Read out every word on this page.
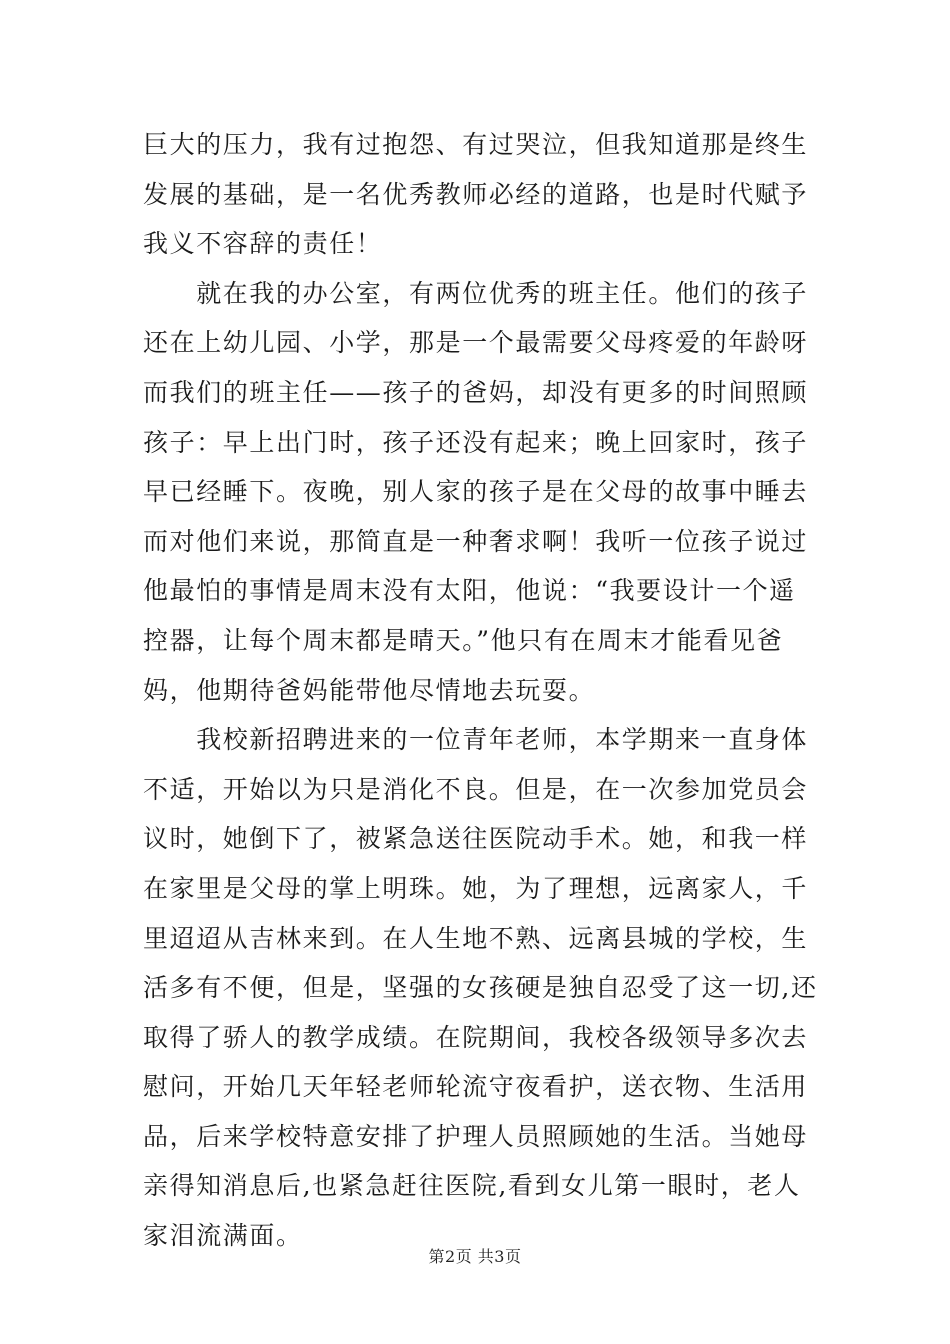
巨大的压力，我有过抱怨、有过哭泣，但我知道那是终生
发展的基础，是一名优秀教师必经的道路，也是时代赋予
我义不容辞的责任！
　　就在我的办公室，有两位优秀的班主任。他们的孩子
还在上幼儿园、小学，那是一个最需要父母疼爱的年龄呀
而我们的班主任——孩子的爸妈，却没有更多的时间照顾
孩子：早上出门时，孩子还没有起来；晚上回家时，孩子
早已经睡下。夜晚，别人家的孩子是在父母的故事中睡去
而对他们来说，那简直是一种奢求啊！我听一位孩子说过
他最怕的事情是周末没有太阳，他说：“我要设计一个遥
控器，让每个周末都是晴天。”他只有在周末才能看见爸
妈，他期待爸妈能带他尽情地去玩耍。
　　我校新招聘进来的一位青年老师，本学期来一直身体
不适，开始以为只是消化不良。但是，在一次参加党员会
议时，她倒下了，被紧急送往医院动手术。她，和我一样
在家里是父母的掌上明珠。她，为了理想，远离家人，千
里迢迢从吉林来到。在人生地不熟、远离县城的学校，生
活多有不便，但是，坚强的女孩硬是独自忍受了这一切,还
取得了骄人的教学成绩。在院期间，我校各级领导多次去
慰问，开始几天年轻老师轮流守夜看护，送衣物、生活用
品，后来学校特意安排了护理人员照顾她的生活。当她母
亲得知消息后,也紧急赶往医院,看到女儿第一眼时，老人
家泪流满面。
第2页 共3页
